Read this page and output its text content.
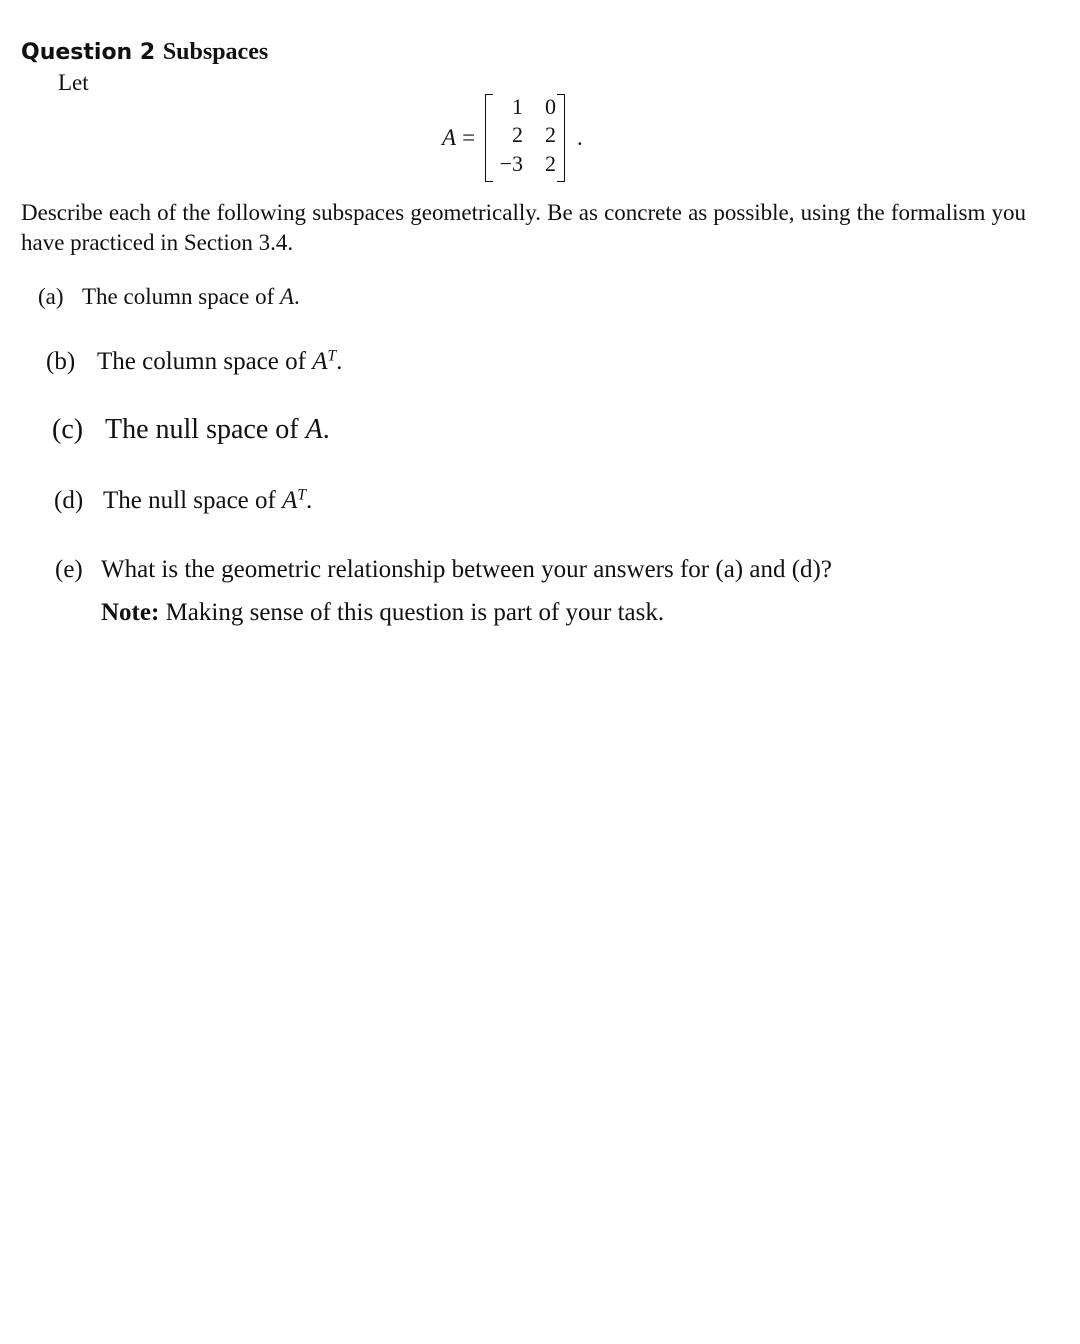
Question 2 Subspaces
Let
A =
1 0
2 2
−3 2
.
Describe each of the following subspaces geometrically. Be as concrete as possible, using the formalism you have practiced in Section 3.4.
(a) The column space of A.
(b) The column space of $A^T$.
(c) The null space of A.
(d) The null space of $A^T$.
(e) What is the geometric relationship between your answers for (a) and (d)?
Note: Making sense of this question is part of your task.
